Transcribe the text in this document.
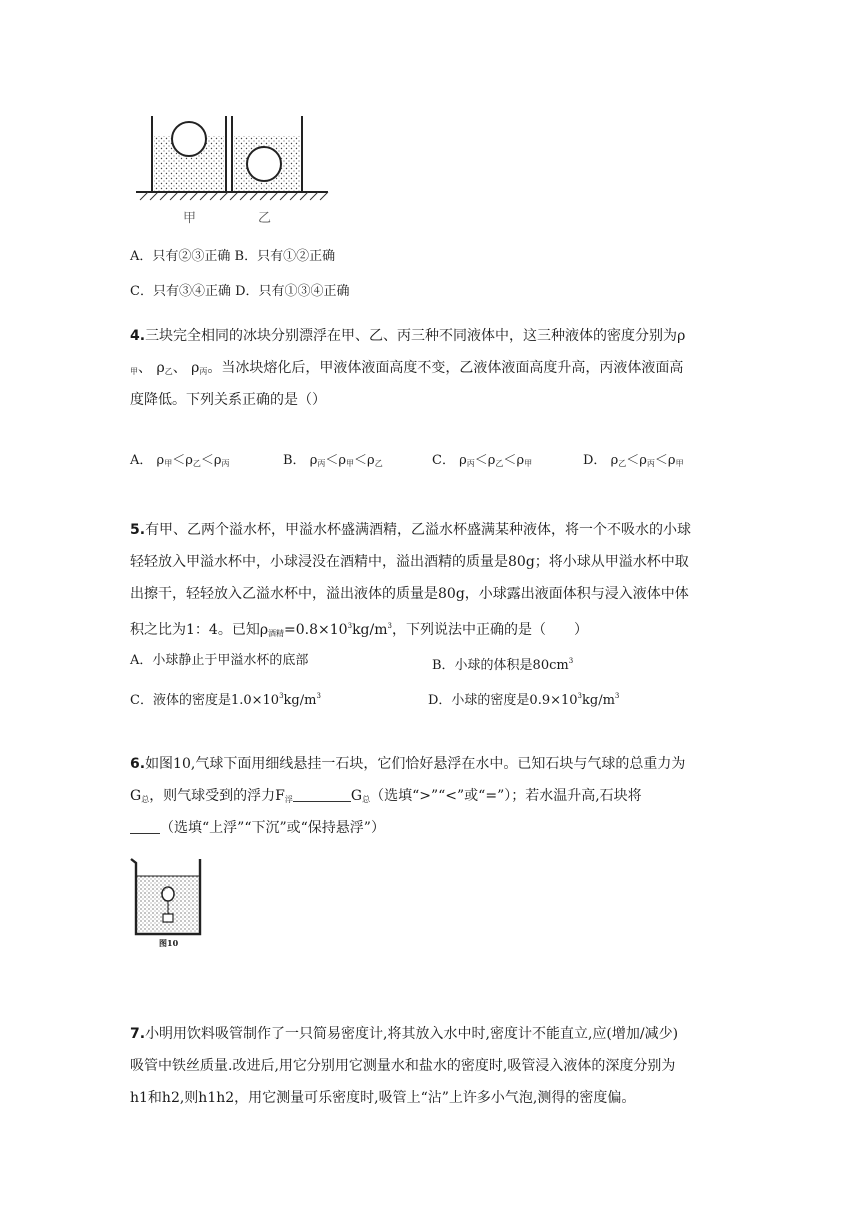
甲	乙
A．只有②③正确 B．只有①②正确
C．只有③④正确 D．只有①③④正确
4.三块完全相同的冰块分别漂浮在甲、乙、丙三种不同液体中，这三种液体的密度分别为ρ
$_甲$、 $\rho_乙$、 $\rho_丙$。当冰块熔化后，甲液体液面高度不变，乙液体液面高度升高，丙液体液面高
度降低。下列关系正确的是（）
A． $\rho_甲<\rho_乙<\rho_丙$	B． $\rho_丙<\rho_甲<\rho_乙$	C． $\rho_丙<\rho_乙<\rho_甲$	D． $\rho_乙<\rho_丙<\rho_甲$
5.有甲、乙两个溢水杯，甲溢水杯盛满酒精，乙溢水杯盛满某种液体，将一个不吸水的小球
轻轻放入甲溢水杯中，小球浸没在酒精中，溢出酒精的质量是80g；将小球从甲溢水杯中取
出擦干，轻轻放入乙溢水杯中，溢出液体的质量是80g，小球露出液面体积与浸入液体中体
积之比为1：4。已知$\rho_{酒精}=0.8\times 10^3kg/m^3$，下列说法中正确的是（　　）
A．小球静止于甲溢水杯的底部	B．小球的体积是$80cm^3$
C．液体的密度是$1.0\times 10^3kg/m^3$	D．小球的密度是$0.9\times 10^3kg/m^3$
6.如图10,气球下面用细线悬挂一石块，它们恰好悬浮在水中。已知石块与气球的总重力为
$G_总$，则气球受到的浮力$F_浮$	$G_总$（选填“>”“<”或“=”）；若水温升高,石块将
（选填“上浮”“下沉”或“保持悬浮”）
图10
7.小明用饮料吸管制作了一只简易密度计,将其放入水中时,密度计不能直立,应(增加/减少)
吸管中铁丝质量.改进后,用它分别用它测量水和盐水的密度时,吸管浸入液体的深度分别为
h1和h2,则h1h2，用它测量可乐密度时,吸管上“沾”上许多小气泡,测得的密度偏。
